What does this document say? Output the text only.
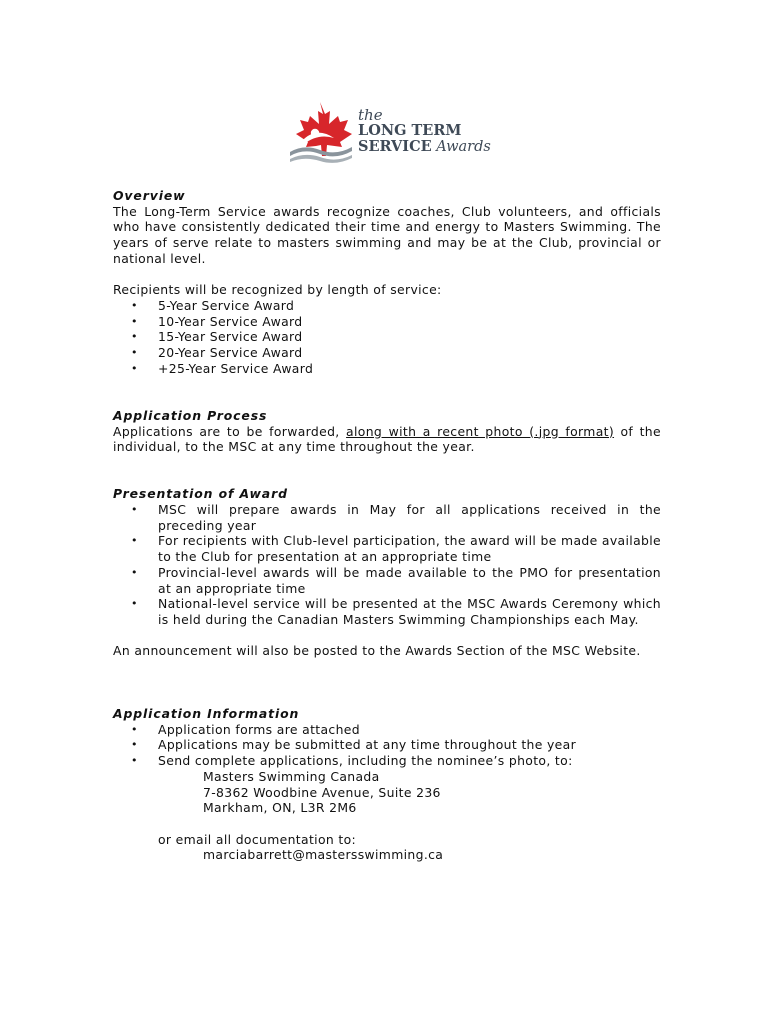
the
LONG TERM
SERVICE Awards
Overview

The Long-Term Service awards recognize coaches, Club volunteers, and officials who have consistently dedicated their time and energy to Masters Swimming. The years of serve relate to masters swimming and may be at the Club, provincial or national level.

Recipients will be recognized by length of service:

• 5-Year Service Award
• 10-Year Service Award
• 15-Year Service Award
• 20-Year Service Award
• +25-Year Service Award
Application Process

Applications are to be forwarded, along with a recent photo (.jpg format) of the individual, to the MSC at any time throughout the year.

Presentation of Award
• MSC will prepare awards in May for all applications received in the preceding year
• For recipients with Club-level participation, the award will be made available to the Club for presentation at an appropriate time
• Provincial-level awards will be made available to the PMO for presentation at an appropriate time
• National-level service will be presented at the MSC Awards Ceremony which is held during the Canadian Masters Swimming Championships each May.

An announcement will also be posted to the Awards Section of the MSC Website.

Application Information
• Application forms are attached
• Applications may be submitted at any time throughout the year
• Send complete applications, including the nominee’s photo, to:

Masters Swimming Canada

7-8362 Woodbine Avenue, Suite 236

Markham, ON, L3R 2M6

or email all documentation to:

marciabarrett@mastersswimming.ca
